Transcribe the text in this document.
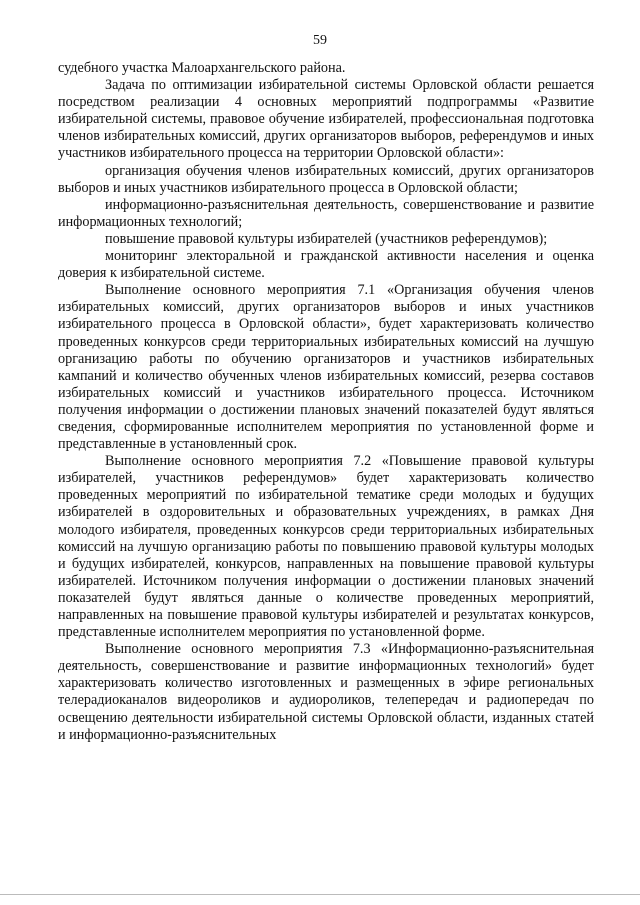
59

судебного участка Малоархангельского района.

Задача по оптимизации избирательной системы Орловской области решается посредством реализации 4 основных мероприятий подпрограммы «Развитие избирательной системы, правовое обучение избирателей, профессиональная подготовка членов избирательных комиссий, других организаторов выборов, референдумов и иных участников избирательного процесса на территории Орловской области»:

организация обучения членов избирательных комиссий, других организаторов выборов и иных участников избирательного процесса в Орловской области;

информационно-разъяснительная деятельность, совершенствование и развитие информационных технологий;

повышение правовой культуры избирателей (участников референдумов);

мониторинг электоральной и гражданской активности населения и оценка доверия к избирательной системе.

Выполнение основного мероприятия 7.1 «Организация обучения членов избирательных комиссий, других организаторов выборов и иных участников избирательного процесса в Орловской области», будет характеризовать количество проведенных конкурсов среди территориальных избирательных комиссий на лучшую организацию работы по обучению организаторов и участников избирательных кампаний и количество обученных членов избирательных комиссий, резерва составов избирательных комиссий и участников избирательного процесса. Источником получения информации о достижении плановых значений показателей будут являться сведения, сформированные исполнителем мероприятия по установленной форме и представленные в установленный срок.

Выполнение основного мероприятия 7.2 «Повышение правовой культуры избирателей, участников референдумов» будет характеризовать количество проведенных мероприятий по избирательной тематике среди молодых и будущих избирателей в оздоровительных и образовательных учреждениях, в рамках Дня молодого избирателя, проведенных конкурсов среди территориальных избирательных комиссий на лучшую организацию работы по повышению правовой культуры молодых и будущих избирателей, конкурсов, направленных на повышение правовой культуры избирателей. Источником получения информации о достижении плановых значений показателей будут являться данные о количестве проведенных мероприятий, направленных на повышение правовой культуры избирателей и результатах конкурсов, представленные исполнителем мероприятия по установленной форме.

Выполнение основного мероприятия 7.3 «Информационно-разъяснительная деятельность, совершенствование и развитие информационных технологий» будет характеризовать количество изготовленных и размещенных в эфире региональных телерадиоканалов видеороликов и аудиороликов, телепередач и радиопередач по освещению деятельности избирательной системы Орловской области, изданных статей и информационно-разъяснительных
